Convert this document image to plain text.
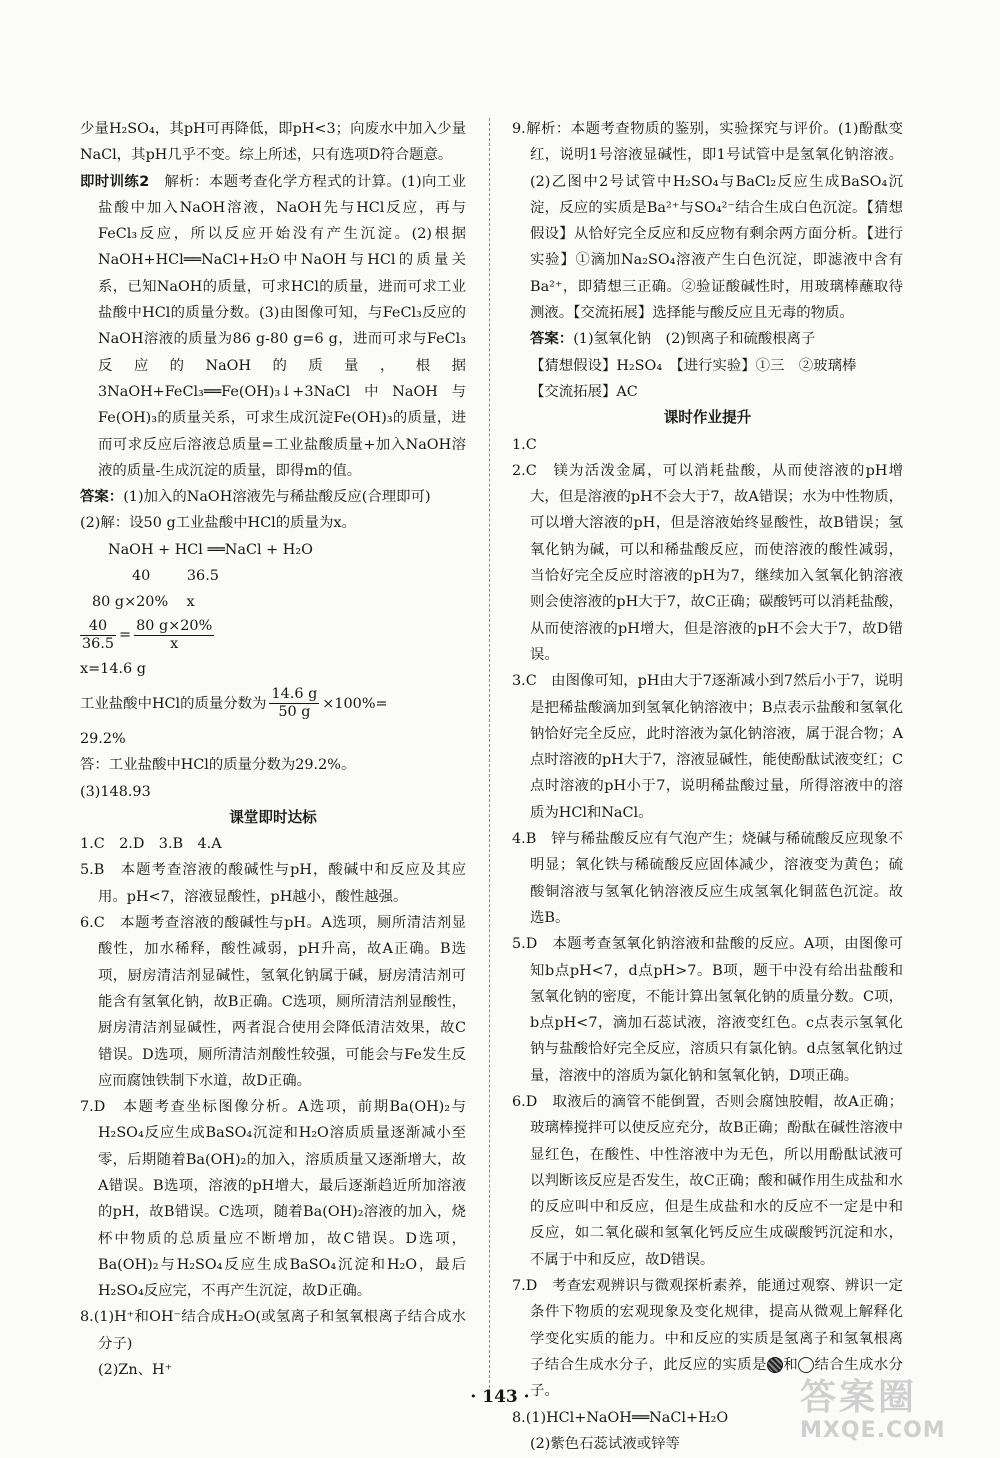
少量H₂SO₄，其pH可再降低，即pH<3；向废水中加入少量NaCl，其pH几乎不变。综上所述，只有选项D符合题意。

即时训练2　 解析：本题考查化学方程式的计算。(1)向工业盐酸中加入NaOH溶液，NaOH先与HCl反应，再与FeCl₃反应，所以反应开始没有产生沉淀。(2)根据NaOH+HCl══NaCl+H₂O中NaOH与HCl的质量关系，已知NaOH的质量，可求HCl的质量，进而可求工业盐酸中HCl的质量分数。(3)由图像可知，与FeCl₃反应的NaOH溶液的质量为86 g-80 g=6 g，进而可求与FeCl₃反应的NaOH的质量，根据3NaOH+FeCl₃══Fe(OH)₃↓+3NaCl中NaOH与Fe(OH)₃的质量关系，可求生成沉淀Fe(OH)₃的质量，进而可求反应后溶液总质量=工业盐酸质量+加入NaOH溶液的质量-生成沉淀的质量，即得m的值。

答案：(1)加入的NaOH溶液先与稀盐酸反应(合理即可)

(2)解：设50 g工业盐酸中HCl的质量为x。

NaOH + HCl ══NaCl + H₂O

40        36.5

80 g×20%    x

$\frac{40}{36.5} = \frac{80 g\times 20\%}{x}$

x=14.6 g

工业盐酸中HCl的质量分数为 $\frac{14.6 g}{50 g} \times 100\%=$

29.2%

答：工业盐酸中HCl的质量分数为29.2%。

(3)148.93

课堂即时达标

1.C　2.D　3.B　4.A

5.B　本题考查溶液的酸碱性与pH，酸碱中和反应及其应用。pH<7，溶液显酸性，pH越小，酸性越强。

6.C　本题考查溶液的酸碱性与pH。A选项，厕所清洁剂显酸性，加水稀释，酸性减弱，pH升高，故A正确。B选项，厨房清洁剂显碱性，氢氧化钠属于碱，厨房清洁剂可能含有氢氧化钠，故B正确。C选项，厕所清洁剂显酸性，厨房清洁剂显碱性，两者混合使用会降低清洁效果，故C错误。D选项，厕所清洁剂酸性较强，可能会与Fe发生反应而腐蚀铁制下水道，故D正确。

7.D　本题考查坐标图像分析。A选项，前期Ba(OH)₂与H₂SO₄反应生成BaSO₄沉淀和H₂O溶质质量逐渐减小至零，后期随着Ba(OH)₂的加入，溶质质量又逐渐增大，故A错误。B选项，溶液的pH增大，最后逐渐趋近所加溶液的pH，故B错误。C选项，随着Ba(OH)₂溶液的加入，烧杯中物质的总质量应不断增加，故C错误。D选项，Ba(OH)₂与H₂SO₄反应生成BaSO₄沉淀和H₂O，最后H₂SO₄反应完，不再产生沉淀，故D正确。

8.(1)H⁺和OH⁻结合成H₂O(或氢离子和氢氧根离子结合成水分子)

(2)Zn、H⁺

9.解析：本题考查物质的鉴别，实验探究与评价。(1)酚酞变红，说明1号溶液显碱性，即1号试管中是氢氧化钠溶液。(2)乙图中2号试管中H₂SO₄与BaCl₂反应生成BaSO₄沉淀，反应的实质是Ba²⁺与SO₄²⁻结合生成白色沉淀。【猜想假设】从恰好完全反应和反应物有剩余两方面分析。【进行实验】①滴加Na₂SO₄溶液产生白色沉淀，即滤液中含有Ba²⁺，即猜想三正确。②验证酸碱性时，用玻璃棒蘸取待测液。【交流拓展】选择能与酸反应且无毒的物质。

答案：(1)氢氧化钠　(2)钡离子和硫酸根离子

【猜想假设】H₂SO₄　【进行实验】①三　②玻璃棒

【交流拓展】AC

课时作业提升

1.C

2.C　镁为活泼金属，可以消耗盐酸，从而使溶液的pH增大，但是溶液的pH不会大于7，故A错误；水为中性物质，可以增大溶液的pH，但是溶液始终显酸性，故B错误；氢氧化钠为碱，可以和稀盐酸反应，而使溶液的酸性减弱，当恰好完全反应时溶液的pH为7，继续加入氢氧化钠溶液则会使溶液的pH大于7，故C正确；碳酸钙可以消耗盐酸，从而使溶液的pH增大，但是溶液的pH不会大于7，故D错误。

3.C　由图像可知，pH由大于7逐渐减小到7然后小于7，说明是把稀盐酸滴加到氢氧化钠溶液中；B点表示盐酸和氢氧化钠恰好完全反应，此时溶液为氯化钠溶液，属于混合物；A点时溶液的pH大于7，溶液显碱性，能使酚酞试液变红；C点时溶液的pH小于7，说明稀盐酸过量，所得溶液中的溶质为HCl和NaCl。

4.B　锌与稀盐酸反应有气泡产生；烧碱与稀硫酸反应现象不明显；氧化铁与稀硫酸反应固体减少，溶液变为黄色；硫酸铜溶液与氢氧化钠溶液反应生成氢氧化铜蓝色沉淀。故选B。

5.D　本题考查氢氧化钠溶液和盐酸的反应。A项，由图像可知b点pH<7，d点pH>7。B项，题干中没有给出盐酸和氢氧化钠的密度，不能计算出氢氧化钠的质量分数。C项，b点pH<7，滴加石蕊试液，溶液变红色。c点表示氢氧化钠与盐酸恰好完全反应，溶质只有氯化钠。d点氢氧化钠过量，溶液中的溶质为氯化钠和氢氧化钠，D项正确。

6.D　取液后的滴管不能倒置，否则会腐蚀胶帽，故A正确；玻璃棒搅拌可以使反应充分，故B正确；酚酞在碱性溶液中显红色，在酸性、中性溶液中为无色，所以用酚酞试液可以判断该反应是否发生，故C正确；酸和碱作用生成盐和水的反应叫中和反应，但是生成盐和水的反应不一定是中和反应，如二氧化碳和氢氧化钙反应生成碳酸钙沉淀和水，不属于中和反应，故D错误。

7.D　考查宏观辨识与微观探析素养，能通过观察、辨识一定条件下物质的宏观现象及变化规律，提高从微观上解释化学变化实质的能力。中和反应的实质是氢离子和氢氧根离子结合生成水分子，此反应的实质是 和 结合生成水分子。

8.(1)HCl+NaOH══NaCl+H₂O

(2)紫色石蕊试液或锌等

· 143 ·	答案圈
MXQE.COM
